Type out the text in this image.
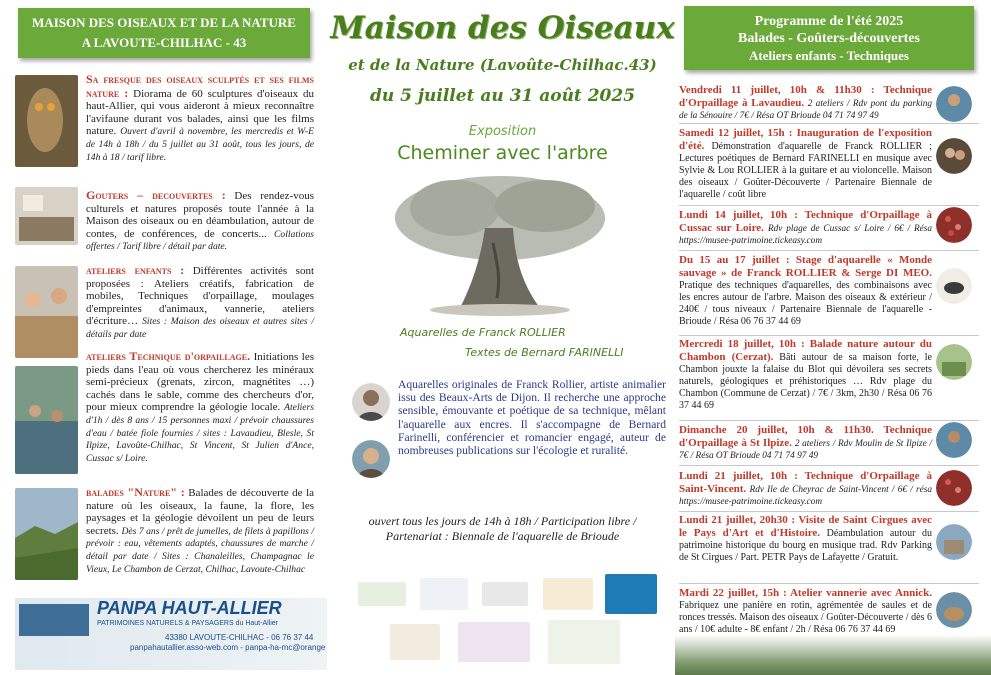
MAISON DES OISEAUX ET DE LA NATURE
A LAVOUTE-CHILHAC - 43
Sa fresque des oiseaux sculptés et ses films nature : Diorama de 60 sculptures d'oiseaux du haut-Allier, qui vous aideront à mieux reconnaître l'avifaune durant vos balades, ainsi que les films nature. Ouvert d'avril à novembre, les mercredis et W-E de 14h à 18h / du 5 juillet au 31 août, tous les jours, de 14h à 18 / tarif libre.
Gouters – decouvertes : Des rendez-vous culturels et natures proposés toute l'année à la Maison des oiseaux ou en déambulation, autour de contes, de conférences, de concerts... Collations offertes / Tarif libre / détail par date.
ateliers enfants : Différentes activités sont proposées : Ateliers créatifs, fabrication de mobiles, Techniques d'orpaillage, moulages d'empreintes d'animaux, vannerie, ateliers d'écriture… Sites : Maison des oiseaux et autres sites / détails par date
ateliers Technique d'orpaillage. Initiations les pieds dans l'eau où vous chercherez les minéraux semi-précieux (grenats, zircon, magnétites …) cachés dans le sable, comme des chercheurs d'or, pour mieux comprendre la géologie locale. Ateliers d'1h / dès 8 ans / 15 personnes maxi / prévoir chaussures d'eau / batée fiole fournies / sites : Lavaudieu, Blesle, St Ilpize, Lavoûte-Chilhac, St Vincent, St Julien d'Ance, Cussac s/ Loire.
balades "Nature" : Balades de découverte de la nature où les oiseaux, la faune, la flore, les paysages et la géologie dévoilent un peu de leurs secrets. Dès 7 ans / prêt de jumelles, de filets à papillons / prévoir : eau, vêtements adaptés, chaussures de marche / détail par date / Sites : Chanaleilles, Champagnac le Vieux, Le Chambon de Cerzat, Chilhac, Lavoute-Chilhac
PANPA HAUT-ALLIER
PATRIMOINES NATURELS & PAYSAGERS du Haut-Allier
43380 LAVOUTE-CHILHAC - 06 76 37 44
panpahautallier.asso-web.com - panpa-ha-mc@orange
Maison des Oiseaux
et de la Nature (Lavoûte-Chilhac.43)
du 5 juillet au 31 août 2025
Exposition
Cheminer avec l'arbre
Aquarelles de Franck ROLLIER
Textes de Bernard FARINELLI
Aquarelles originales de Franck Rollier, artiste animalier issu des Beaux-Arts de Dijon. Il recherche une approche sensible, émouvante et poétique de sa technique, mêlant l'aquarelle aux encres. Il s'accompagne de Bernard Farinelli, conférencier et romancier engagé, auteur de nombreuses publications sur l'écologie et ruralité.
ouvert tous les jours de 14h à 18h / Participation libre /
Partenariat : Biennale de l'aquarelle de Brioude
Programme de l'été 2025
Balades - Goûters-découvertes
Ateliers enfants - Techniques
Vendredi 11 juillet, 10h & 11h30 : Technique d'Orpaillage à Lavaudieu. 2 ateliers / Rdv pont du parking de la Sénouire / 7€ / Résa OT Brioude 04 71 74 97 49
Samedi 12 juillet, 15h : Inauguration de l'exposition d'été. Démonstration d'aquarelle de Franck ROLLIER ; Lectures poétiques de Bernard FARINELLI en musique avec Sylvie & Lou ROLLIER à la guitare et au violoncelle. Maison des oiseaux / Goûter-Découverte / Partenaire Biennale de l'aquarelle / coût libre
Lundi 14 juillet, 10h : Technique d'Orpaillage à Cussac sur Loire. Rdv plage de Cussac s/ Loire / 6€ / Résa https://musee-patrimoine.tickeasy.com
Du 15 au 17 juillet : Stage d'aquarelle « Monde sauvage » de Franck ROLLIER & Serge DI MEO. Pratique des techniques d'aquarelles, des combinaisons avec les encres autour de l'arbre. Maison des oiseaux & extérieur / 240€ / tous niveaux / Partenaire Biennale de l'aquarelle - Brioude / Résa 06 76 37 44 69
Mercredi 18 juillet, 10h : Balade nature autour du Chambon (Cerzat). Bâti autour de sa maison forte, le Chambon jouxte la falaise du Blot qui dévoilera ses secrets naturels, géologiques et préhistoriques … Rdv plage du Chambon (Commune de Cerzat) / 7€ / 3km, 2h30 / Résa 06 76 37 44 69
Dimanche 20 juillet, 10h & 11h30. Technique d'Orpaillage à St Ilpize. 2 ateliers / Rdv Moulin de St Ilpize / 7€ / Résa OT Brioude 04 71 74 97 49
Lundi 21 juillet, 10h : Technique d'Orpaillage à Saint-Vincent. Rdv Ile de Cheyrac de Saint-Vincent / 6€ / résa https://musee-patrimoine.tickeasy.com
Lundi 21 juillet, 20h30 : Visite de Saint Cirgues avec le Pays d'Art et d'Histoire. Déambulation autour du patrimoine historique du bourg en musique trad. Rdv Parking de St Cirgues / Part. PETR Pays de Lafayette / Gratuit.
Mardi 22 juillet, 15h : Atelier vannerie avec Annick. Fabriquez une panière en rotin, agrémentée de saules et de ronces tressés. Maison des oiseaux / Goûter-Découverte / dès 6 ans / 10€ adulte - 8€ enfant / 2h / Résa 06 76 37 44 69
